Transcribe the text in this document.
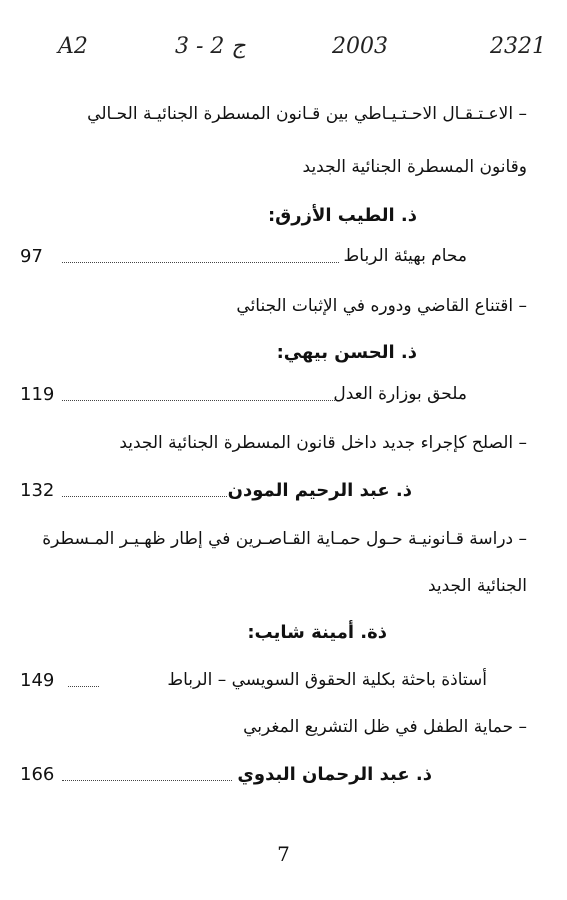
A2	3 - 2 ج	2003	2321
– الاعـتـقـال الاحـتـيـاطي بين قـانون المسطرة الجنائيـة الحـالي
وقانون المسطرة الجنائية الجديد
ذ. الطيب الأزرق:
97	محام بهيئة الرباط
– اقتناع القاضي ودوره في الإثبات الجنائي
ذ. الحسن بيهي:
119	ملحق بوزارة العدل
– الصلح كإجراء جديد داخل قانون المسطرة الجنائية الجديد
132	ذ. عبد الرحيم المودن
– دراسة قـانونيـة حـول حمـاية القـاصـرين في إطار ظهـيـر المـسطرة
الجنائية الجديد
ذة. أمينة شايب:
149	أستاذة باحثة بكلية الحقوق السويسي – الرباط
– حماية الطفل في ظل التشريع المغربي
166	ذ. عبد الرحمان البدوي
7
